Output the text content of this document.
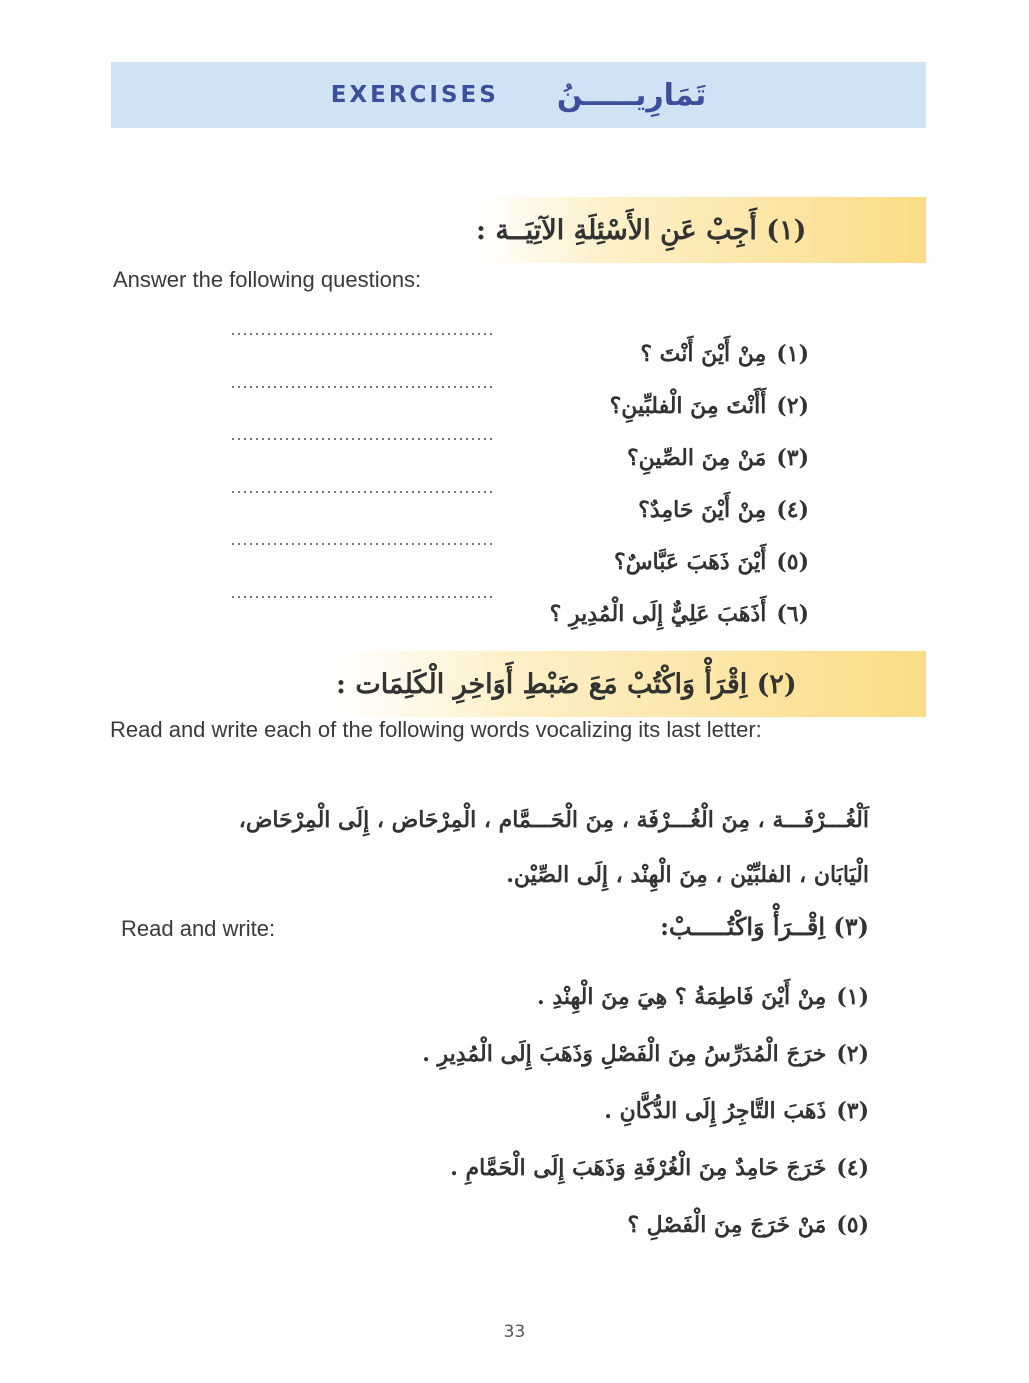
EXERCISES تَمَارِيـــــنُ
(١) أَجِبْ عَنِ الأَسْئِلَةِ الآتِيَــة :
Answer the following questions:
(١)
مِنْ أَيْنَ أَنْتَ ؟
(٢)
أَأَنْتَ مِنَ الْفلبِّينِ؟
(٣)
مَنْ مِنَ الصِّينِ؟
(٤)
مِنْ أَيْنَ حَامِدٌ؟
(٥)
أَيْنَ ذَهَبَ عَبَّاسٌ؟
(٦)
أَذَهَبَ عَلِيٌّ إِلَى الْمُدِيرِ ؟
(٢) اِقْرَأْ وَاكْتُبْ مَعَ ضَبْطِ أَوَاخِرِ الْكَلِمَات :
Read and write each of the following words vocalizing its last letter:
اَلْغُـــرْفَـــة ، مِنَ الْغُـــرْفَة ، مِنَ الْحَـــمَّام ، الْمِرْحَاض ، إِلَى الْمِرْحَاض،
الْيَابَان ، الفلبِّيْن ، مِنَ الْهِنْد ، إِلَى الصِّيْن.
Read and write:	(٣) اِقْــرَأْ وَاكْتُـــــبْ:
(١)
مِنْ أَيْنَ فَاطِمَةُ ؟ هِيَ مِنَ الْهِنْدِ .
(٢)
خرَجَ الْمُدَرِّسُ مِنَ الْفَصْلِ وَذَهَبَ إِلَى الْمُدِيرِ .
(٣)
ذَهَبَ التَّاجِرُ إِلَى الدُّكَّانِ .
(٤)
خَرَجَ حَامِدٌ مِنَ الْغُرْفَةِ وَذَهَبَ إِلَى الْحَمَّامِ .
(٥)
مَنْ خَرَجَ مِنَ الْفَصْلِ ؟
33
